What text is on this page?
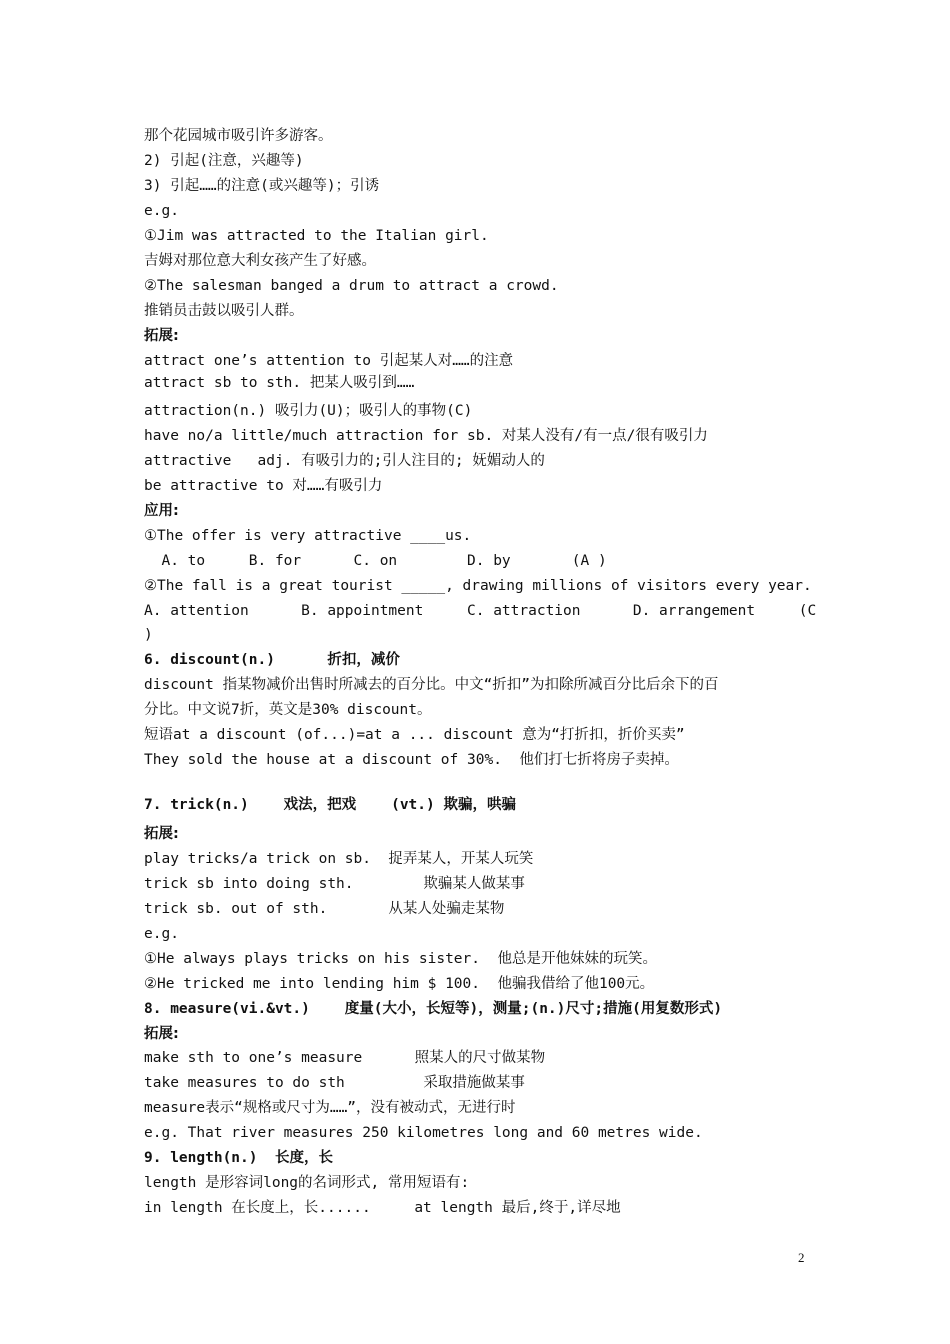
那个花园城市吸引许多游客。
2) 引起(注意，兴趣等)
3) 引起……的注意(或兴趣等)；引诱
e.g.
①Jim was attracted to the Italian girl.
吉姆对那位意大利女孩产生了好感。
②The salesman banged a drum to attract a crowd.
推销员击鼓以吸引人群。
拓展:
attract one’s attention to 引起某人对……的注意
attract sb to sth. 把某人吸引到……
attraction(n.) 吸引力(U)；吸引人的事物(C)
have no/a little/much attraction for sb. 对某人没有/有一点/很有吸引力
attractive   adj. 有吸引力的;引人注目的; 妩媚动人的
be attractive to 对……有吸引力
应用:
①The offer is very attractive ____us.
A. to     B. for      C. on        D. by       (A )
②The fall is a great tourist _____, drawing millions of visitors every year.
A. attention      B. appointment     C. attraction      D. arrangement     (C
)
6. discount(n.)      折扣，减价
discount 指某物减价出售时所减去的百分比。中文“折扣”为扣除所减百分比后余下的百
分比。中文说7折，英文是30% discount。
短语at a discount (of...)=at a ... discount 意为“打折扣，折价买卖”
They sold the house at a discount of 30%.  他们打七折将房子卖掉。
7. trick(n.)    戏法，把戏    (vt.) 欺骗，哄骗
拓展:
play tricks/a trick on sb.  捉弄某人，开某人玩笑
trick sb into doing sth.        欺骗某人做某事
trick sb. out of sth.       从某人处骗走某物
e.g.
①He always plays tricks on his sister.  他总是开他妹妹的玩笑。
②He tricked me into lending him $ 100.  他骗我借给了他100元。
8. measure(vi.&vt.)    度量(大小，长短等)，测量;(n.)尺寸;措施(用复数形式)
拓展:
make sth to one’s measure      照某人的尺寸做某物
take measures to do sth         采取措施做某事
measure表示“规格或尺寸为……”，没有被动式，无进行时
e.g. That river measures 250 kilometres long and 60 metres wide.
9. length(n.)  长度，长
length 是形容词long的名词形式, 常用短语有:
in length 在长度上，长......     at length 最后,终于,详尽地
2
